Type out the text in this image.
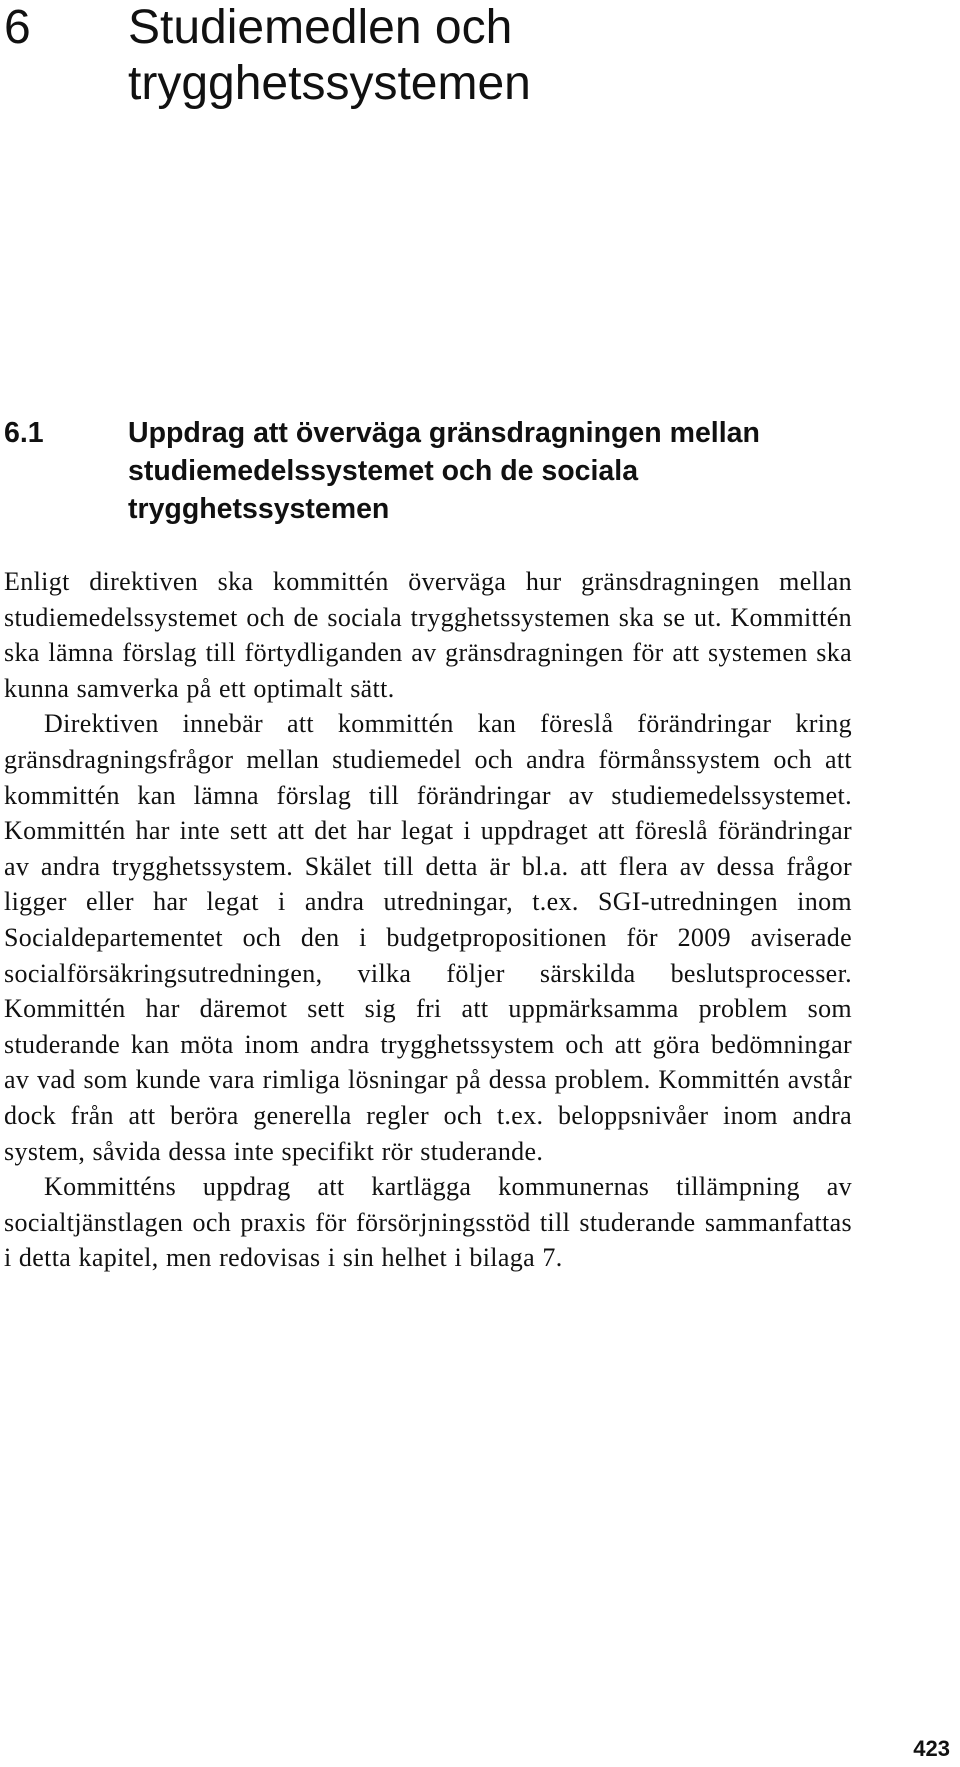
6 Studiemedlen och trygghetssystemen
6.1	Uppdrag att överväga gränsdragningen mellan studiemedelssystemet och de sociala trygghetssystemen

Enligt direktiven ska kommittén överväga hur gränsdragningen mellan studiemedelssystemet och de sociala trygghetssystemen ska se ut. Kommittén ska lämna förslag till förtydliganden av gränsdragningen för att systemen ska kunna samverka på ett optimalt sätt.

Direktiven innebär att kommittén kan föreslå förändringar kring gränsdragningsfrågor mellan studiemedel och andra förmånssystem och att kommittén kan lämna förslag till förändringar av studiemedelssystemet. Kommittén har inte sett att det har legat i uppdraget att föreslå förändringar av andra trygghetssystem. Skälet till detta är bl.a. att flera av dessa frågor ligger eller har legat i andra utredningar, t.ex. SGI-utredningen inom Socialdepartementet och den i budgetpropositionen för 2009 aviserade socialförsäkringsutredningen, vilka följer särskilda beslutsprocesser. Kommittén har däremot sett sig fri att uppmärksamma problem som studerande kan möta inom andra trygghetssystem och att göra bedömningar av vad som kunde vara rimliga lösningar på dessa problem. Kommittén avstår dock från att beröra generella regler och t.ex. beloppsnivåer inom andra system, såvida dessa inte specifikt rör studerande.

Kommitténs uppdrag att kartlägga kommunernas tillämpning av socialtjänstlagen och praxis för försörjningsstöd till studerande sammanfattas i detta kapitel, men redovisas i sin helhet i bilaga 7.

423
